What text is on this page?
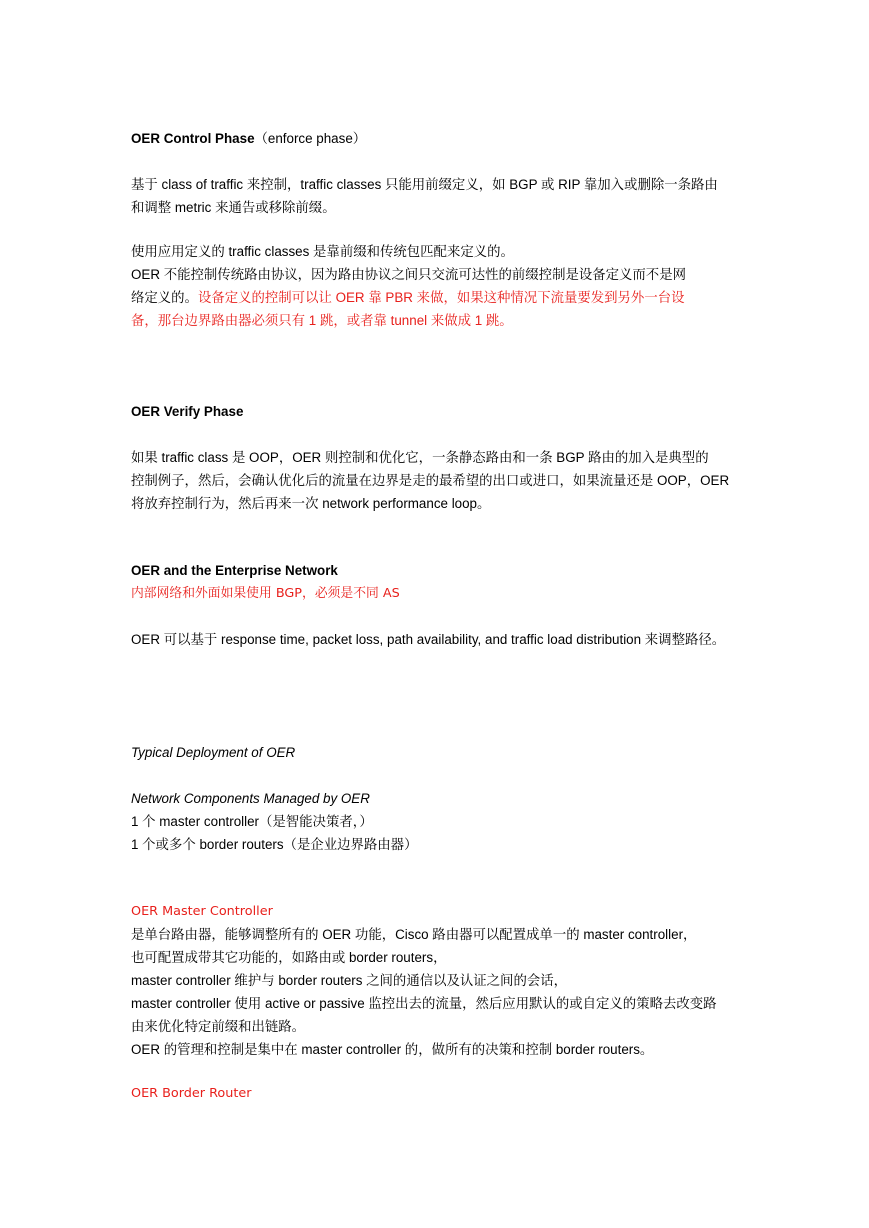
OER Control Phase（enforce phase）
基于 class of traffic 来控制，traffic classes 只能用前缀定义，如 BGP 或 RIP 靠加入或删除一条路由
和调整 metric 来通告或移除前缀。
使用应用定义的 traffic classes 是靠前缀和传统包匹配来定义的。
OER 不能控制传统路由协议，因为路由协议之间只交流可达性的前缀控制是设备定义而不是网
络定义的。设备定义的控制可以让 OER 靠 PBR 来做，如果这种情况下流量要发到另外一台设
备，那台边界路由器必须只有 1 跳，或者靠 tunnel 来做成 1 跳。
OER Verify Phase
如果 traffic class 是 OOP，OER 则控制和优化它，一条静态路由和一条 BGP 路由的加入是典型的
控制例子，然后，会确认优化后的流量在边界是走的最希望的出口或进口，如果流量还是 OOP，OER
将放弃控制行为，然后再来一次 network performance loop。
OER and the Enterprise Network
内部网络和外面如果使用 BGP，必须是不同 AS
OER 可以基于 response time, packet loss, path availability, and traffic load distribution 来调整路径。
Typical Deployment of OER
Network Components Managed by OER
1 个 master controller（是智能决策者，）
1 个或多个 border routers（是企业边界路由器）
OER Master Controller
是单台路由器，能够调整所有的 OER 功能，Cisco 路由器可以配置成单一的 master controller，
也可配置成带其它功能的，如路由或 border routers，
master controller 维护与 border routers 之间的通信以及认证之间的会话，
master controller 使用 active or passive 监控出去的流量，然后应用默认的或自定义的策略去改变路
由来优化特定前缀和出链路。
OER 的管理和控制是集中在 master controller 的，做所有的决策和控制 border routers。
OER Border Router
